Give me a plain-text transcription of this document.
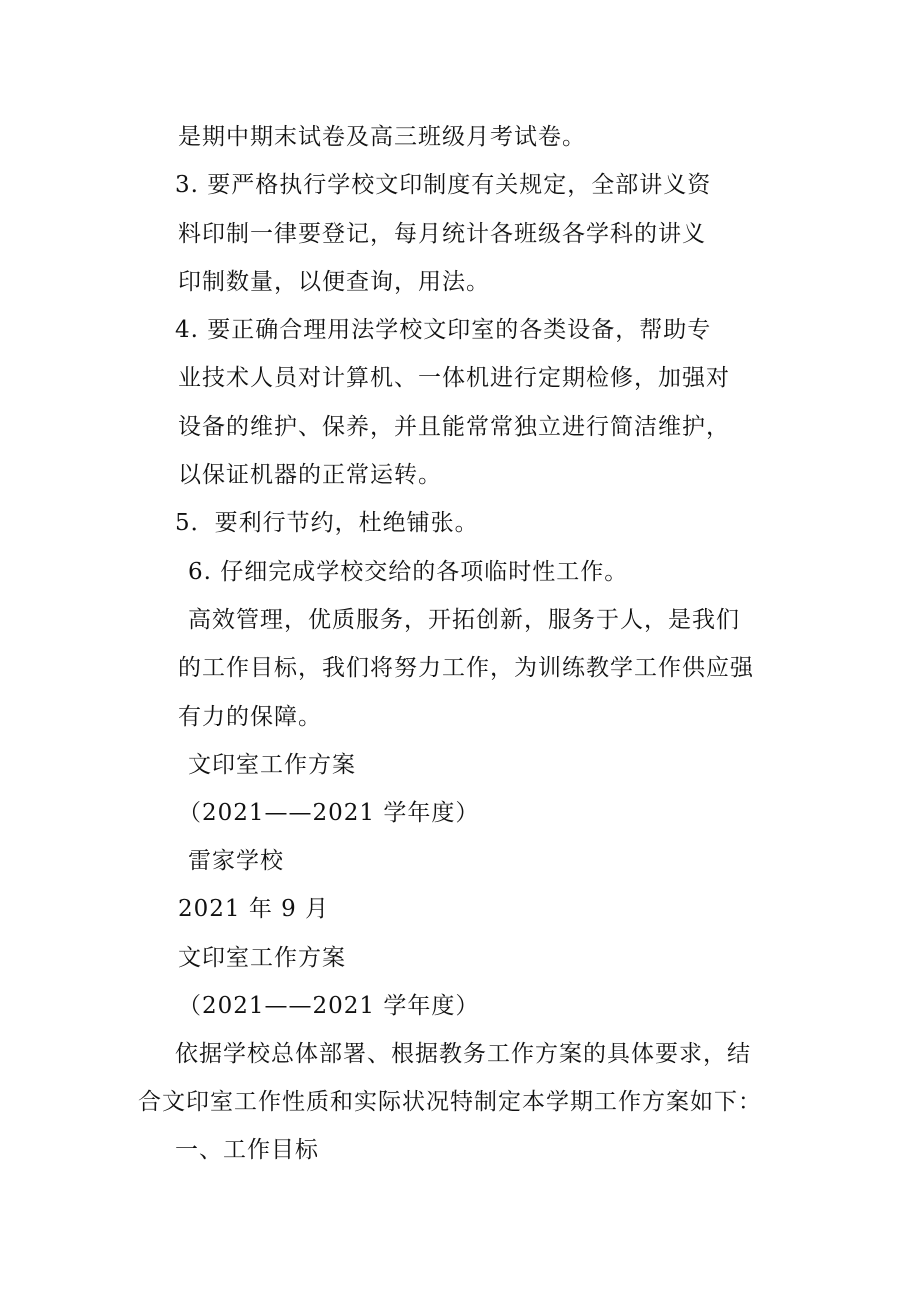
是期中期末试卷及高三班级月考试卷。
3. 要严格执行学校文印制度有关规定，全部讲义资
料印制一律要登记，每月统计各班级各学科的讲义
印制数量，以便查询，用法。
4. 要正确合理用法学校文印室的各类设备，帮助专
业技术人员对计算机、一体机进行定期检修，加强对
设备的维护、保养，并且能常常独立进行简洁维护，
以保证机器的正常运转。
5．要利行节约，杜绝铺张。
6. 仔细完成学校交给的各项临时性工作。
高效管理，优质服务，开拓创新，服务于人，是我们
的工作目标，我们将努力工作，为训练教学工作供应强
有力的保障。
文印室工作方案
（2021——2021 学年度）
雷家学校
2021 年 9 月
文印室工作方案
（2021——2021 学年度）
依据学校总体部署、根据教务工作方案的具体要求，结
合文印室工作性质和实际状况特制定本学期工作方案如下：
一、工作目标
